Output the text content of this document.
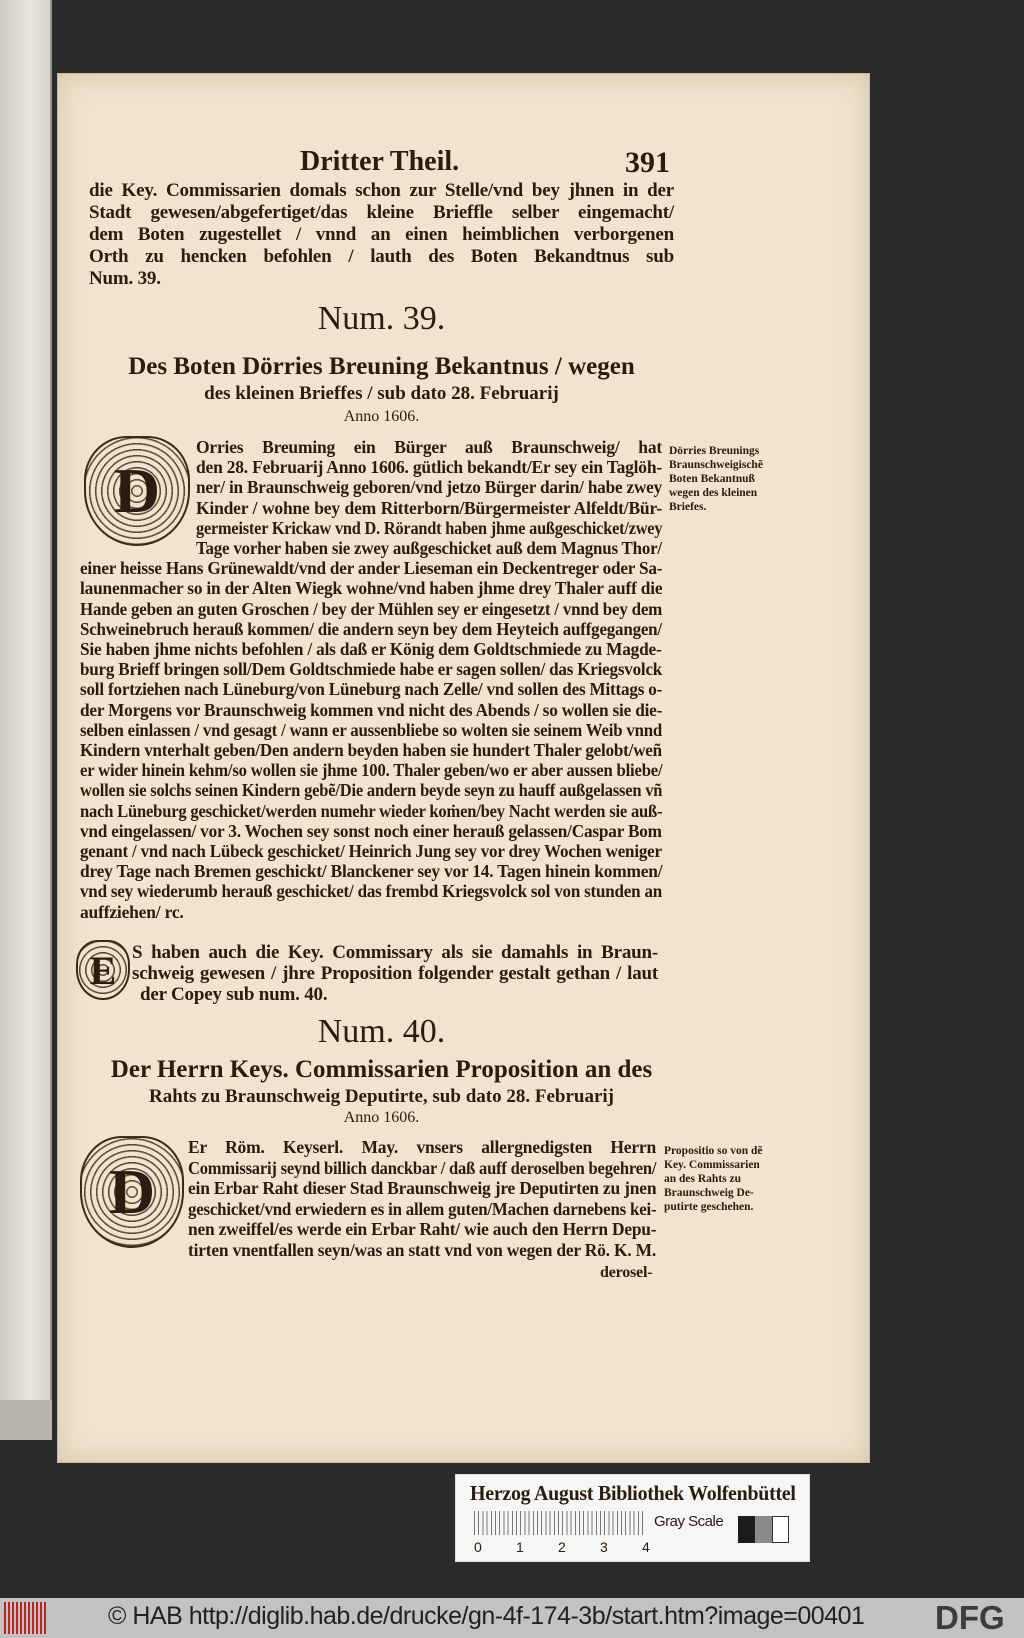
Dritter Theil.	391
die Key. Commissarien domals schon zur Stelle/vnd bey jhnen in der
Stadt gewesen/abgefertiget/das kleine Briefflе selber eingemacht/
dem Boten zugestellet / vnnd an einen heimblichen verborgenen
Orth zu hencken befohlen / lauth des Boten Bekandtnus sub
Num. 39.
Num. 39.
Des Boten Dörries Breuning Bekantnus / wegen
des kleinen Brieffes / sub dato 28. Februarij
Anno 1606.
D
Orries Breuming ein Bürger auß Braunschweig/ hat
den 28. Februarij Anno 1606. gütlich bekandt/Er sey ein Taglöh-
ner/ in Braunschweig geboren/vnd jetzo Bürger darin/ habe zwey
Kinder / wohne bey dem Ritterborn/Bürgermeister Alfeldt/Bür-
germeister Krickaw vnd D. Rörandt haben jhme außgeschicket/zwey
Tage vorher haben sie zwey außgeschicket auß dem Magnus Thor/
einer heisse Hans Grünewaldt/vnd der ander Lieseman ein Deckentreger oder Sa-
launenmacher so in der Alten Wiegk wohne/vnd haben jhme drey Thaler auff die
Hande geben an guten Groschen / bey der Mühlen sey er eingesetzt / vnnd bey dem
Schweinebruch herauß kommen/ die andern seyn bey dem Heyteich auffgegangen/
Sie haben jhme nichts befohlen / als daß er König dem Goldtschmiede zu Magde-
burg Brieff bringen soll/Dem Goldtschmiede habe er sagen sollen/ das Kriegsvolck
soll fortziehen nach Lüneburg/von Lüneburg nach Zelle/ vnd sollen des Mittags o-
der Morgens vor Braunschweig kommen vnd nicht des Abends / so wollen sie die-
selben einlassen / vnd gesagt / wann er aussenbliebe so wolten sie seinem Weib vnnd
Kindern vnterhalt geben/Den andern beyden haben sie hundert Thaler gelobt/weñ
er wider hinein kehm/so wollen sie jhme 100. Thaler geben/wo er aber aussen bliebe/
wollen sie solchs seinen Kindern gebẽ/Die andern beyde seyn zu hauff außgelassen vñ
nach Lüneburg geschicket/werden numehr wieder koṁen/bey Nacht werden sie auß-
vnd eingelassen/ vor 3. Wochen sey sonst noch einer herauß gelassen/Caspar Bom
genant / vnd nach Lübeck geschicket/ Heinrich Jung sey vor drey Wochen weniger
drey Tage nach Bremen geschickt/ Blanckener sey vor 14. Tagen hinein kommen/
vnd sey wiederumb herauß geschicket/ das frembd Kriegsvolck sol von stunden an
auffziehen/ rc.
Dörries Breunings
Braunschweigischẽ
Boten Bekantnuß
wegen des kleinen
Briefes.
E S haben auch die Key. Commissary als sie damahls in Braun-
schweig gewesen / jhre Proposition folgender gestalt gethan / laut
der Copey sub num. 40.
Num. 40.
Der Herrn Keys. Commissarien Proposition an des
Rahts zu Braunschweig Deputirte, sub dato 28. Februarij
Anno 1606.
D
Er Röm. Keyserl. May. vnsers allergnedigsten Herrn
Commissarij seynd billich danckbar / daß auff deroselben begehren/
ein Erbar Raht dieser Stad Braunschweig jre Deputirten zu jnen
geschicket/vnd erwiedern es in allem guten/Machen darnebens kei-
nen zweiffel/es werde ein Erbar Raht/ wie auch den Herrn Depu-
tirten vnentfallen seyn/was an statt vnd von wegen der Rö. K. M.
derosel-
Propositio so von dẽ
Key. Commissarien
an des Rahts zu
Braunschweig De-
putirte geschehen.
Herzog August Bibliothek Wolfenbüttel
0 1 2 3 4
Gray Scale
© HAB http://diglib.hab.de/drucke/gn-4f-174-3b/start.htm?image=00401	DFG
